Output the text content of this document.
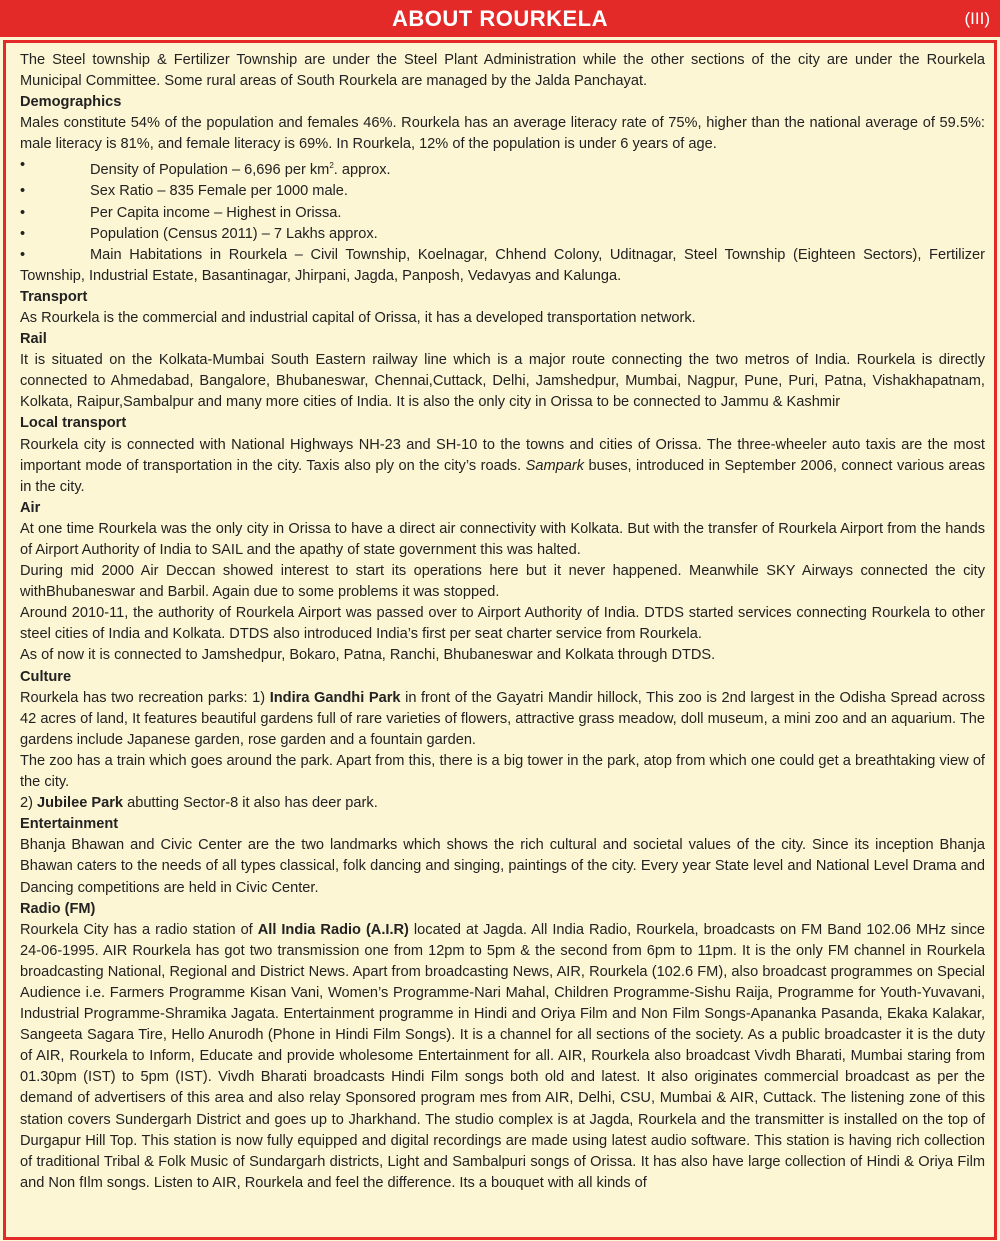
ABOUT ROURKELA	(III)

The Steel township & Fertilizer Township are under the Steel Plant Administration while the other sections of the city are under the Rourkela Municipal Committee. Some rural areas of South Rourkela are managed by the Jalda Panchayat.

Demographics

Males constitute 54% of the population and females 46%. Rourkela has an average literacy rate of 75%, higher than the national average of 59.5%: male literacy is 81%, and female literacy is 69%. In Rourkela, 12% of the population is under 6 years of age.

•	Density of Population – 6,696 per $km^2$. approx.
•	Sex Ratio – 835 Female per 1000 male.
•	Per Capita income – Highest in Orissa.
•	Population (Census 2011) – 7 Lakhs approx.
•	Main Habitations in Rourkela – Civil Township, Koelnagar, Chhend Colony, Uditnagar, Steel Township (Eighteen Sectors), Fertilizer Township, Industrial Estate, Basantinagar, Jhirpani, Jagda, Panposh, Vedavyas and Kalunga.
Transport

As Rourkela is the commercial and industrial capital of Orissa, it has a developed transportation network.

Rail

It is situated on the Kolkata-Mumbai South Eastern railway line which is a major route connecting the two metros of India. Rourkela is directly connected to Ahmedabad, Bangalore, Bhubaneswar, Chennai,Cuttack, Delhi, Jamshedpur, Mumbai, Nagpur, Pune, Puri, Patna, Vishakhapatnam, Kolkata, Raipur,Sambalpur and many more cities of India. It is also the only city in Orissa to be connected to Jammu & Kashmir

Local transport

Rourkela city is connected with National Highways NH-23 and SH-10 to the towns and cities of Orissa. The three-wheeler auto taxis are the most important mode of transportation in the city. Taxis also ply on the city’s roads. Sampark buses, introduced in September 2006, connect various areas in the city.

Air

At one time Rourkela was the only city in Orissa to have a direct air connectivity with Kolkata. But with the transfer of Rourkela Airport from the hands of Airport Authority of India to SAIL and the apathy of state government this was halted.

During mid 2000 Air Deccan showed interest to start its operations here but it never happened. Meanwhile SKY Airways connected the city withBhubaneswar and Barbil. Again due to some problems it was stopped.

Around 2010-11, the authority of Rourkela Airport was passed over to Airport Authority of India. DTDS started services connecting Rourkela to other steel cities of India and Kolkata. DTDS also introduced India’s first per seat charter service from Rourkela.

As of now it is connected to Jamshedpur, Bokaro, Patna, Ranchi, Bhubaneswar and Kolkata through DTDS.

Culture

Rourkela has two recreation parks: 1) Indira Gandhi Park in front of the Gayatri Mandir hillock, This zoo is 2nd largest in the Odisha Spread across 42 acres of land, It features beautiful gardens full of rare varieties of flowers, attractive grass meadow, doll museum, a mini zoo and an aquarium. The gardens include Japanese garden, rose garden and a fountain garden.

The zoo has a train which goes around the park. Apart from this, there is a big tower in the park, atop from which one could get a breathtaking view of the city.

2) Jubilee Park abutting Sector-8 it also has deer park.

Entertainment

Bhanja Bhawan and Civic Center are the two landmarks which shows the rich cultural and societal values of the city. Since its inception Bhanja Bhawan caters to the needs of all types classical, folk dancing and singing, paintings of the city. Every year State level and National Level Drama and Dancing competitions are held in Civic Center.

Radio (FM)

Rourkela City has a radio station of All India Radio (A.I.R) located at Jagda. All India Radio, Rourkela, broadcasts on FM Band 102.06 MHz since 24-06-1995. AIR Rourkela has got two transmission one from 12pm to 5pm & the second from 6pm to 11pm. It is the only FM channel in Rourkela broadcasting National, Regional and District News. Apart from broadcasting News, AIR, Rourkela (102.6 FM), also broadcast programmes on Special Audience i.e. Farmers Programme Kisan Vani, Women’s Programme-Nari Mahal, Children Programme-Sishu Raija, Programme for Youth-Yuvavani, Industrial Programme-Shramika Jagata. Entertainment programme in Hindi and Oriya Film and Non Film Songs-Apananka Pasanda, Ekaka Kalakar, Sangeeta Sagara Tire, Hello Anurodh (Phone in Hindi Film Songs). It is a channel for all sections of the society. As a public broadcaster it is the duty of AIR, Rourkela to Inform, Educate and provide wholesome Entertainment for all. AIR, Rourkela also broadcast Vivdh Bharati, Mumbai staring from 01.30pm (IST) to 5pm (IST). Vivdh Bharati broadcasts Hindi Film songs both old and latest. It also originates commercial broadcast as per the demand of advertisers of this area and also relay Sponsored program mes from AIR, Delhi, CSU, Mumbai & AIR, Cuttack. The listening zone of this station covers Sundergarh District and goes up to Jharkhand. The studio complex is at Jagda, Rourkela and the transmitter is installed on the top of Durgapur Hill Top. This station is now fully equipped and digital recordings are made using latest audio software. This station is having rich collection of traditional Tribal & Folk Music of Sundargarh districts, Light and Sambalpuri songs of Orissa. It has also have large collection of Hindi & Oriya Film and Non fIlm songs. Listen to AIR, Rourkela and feel the difference. Its a bouquet with all kinds of
